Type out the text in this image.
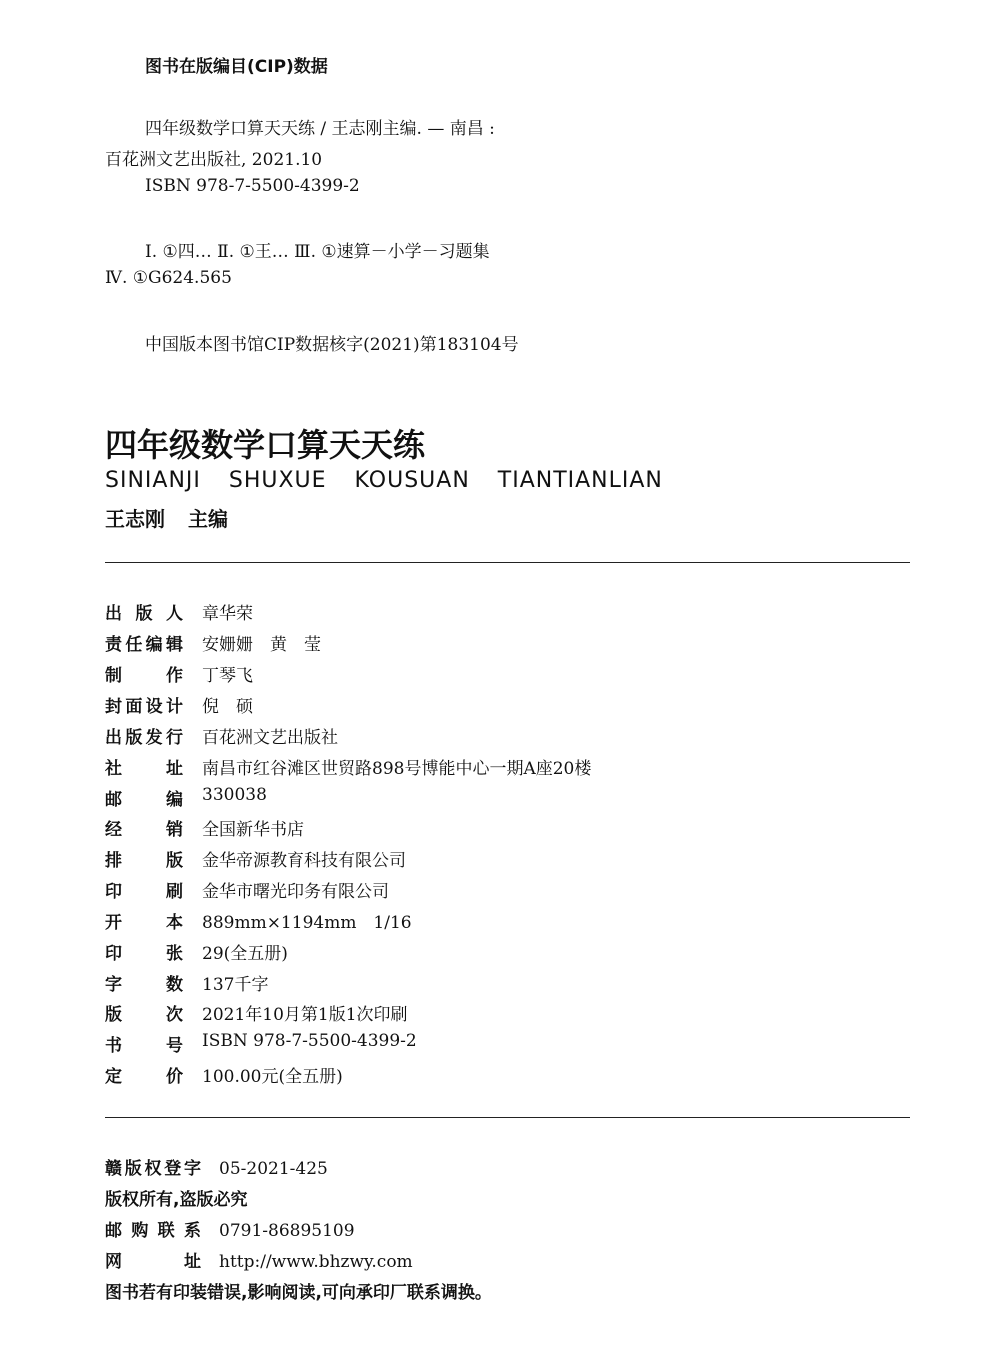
图书在版编目(CIP)数据
四年级数学口算天天练 / 王志刚主编. — 南昌 :
百花洲文艺出版社, 2021.10
ISBN 978-7-5500-4399-2
Ⅰ. ①四… Ⅱ. ①王… Ⅲ. ①速算－小学－习题集
Ⅳ. ①G624.565
中国版本图书馆CIP数据核字(2021)第183104号
四年级数学口算天天练
SINIANJI SHUXUE KOUSUAN TIANTIANLIAN
王志刚 主编
出版人 章华荣
责任编辑 安姗姗　黄　莹
制作 丁琴飞
封面设计 倪　硕
出版发行 百花洲文艺出版社
社址 南昌市红谷滩区世贸路898号博能中心一期A座20楼
邮编 330038
经销 全国新华书店
排版 金华帝源教育科技有限公司
印刷 金华市曙光印务有限公司
开本 889mm×1194mm　1/16
印张 29(全五册)
字数 137千字
版次 2021年10月第1版1次印刷
书号 ISBN 978-7-5500-4399-2
定价 100.00元(全五册)
赣版权登字 05-2021-425
版权所有,盗版必究
邮购联系 0791-86895109
网址 http://www.bhzwy.com
图书若有印装错误,影响阅读,可向承印厂联系调换。
